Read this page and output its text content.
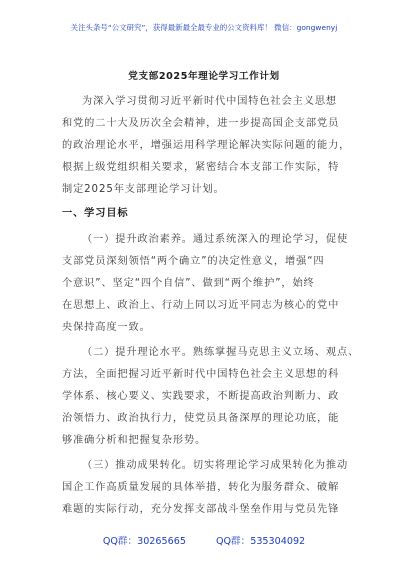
关注头条号“公文研究”，获得最新最全最专业的公文资料库！ 微信：gongwenyj
党支部2025年理论学习工作计划
为深入学习贯彻习近平新时代中国特色社会主义思想
和党的二十大及历次全会精神，进一步提高国企支部党员
的政治理论水平，增强运用科学理论解决实际问题的能力，
根据上级党组织相关要求，紧密结合本支部工作实际，特
制定2025年支部理论学习计划。
一、学习目标
（一）提升政治素养。通过系统深入的理论学习，促使
支部党员深刻领悟“两个确立”的决定性意义，增强“四
个意识”、坚定“四个自信”、做到“两个维护”，始终
在思想上、政治上、行动上同以习近平同志为核心的党中
央保持高度一致。
（二）提升理论水平。熟练掌握马克思主义立场、观点、
方法，全面把握习近平新时代中国特色社会主义思想的科
学体系、核心要义、实践要求，不断提高政治判断力、政
治领悟力、政治执行力，使党员具备深厚的理论功底，能
够准确分析和把握复杂形势。
（三）推动成果转化。切实将理论学习成果转化为推动
国企工作高质量发展的具体举措，转化为服务群众、破解
难题的实际行动，充分发挥支部战斗堡垒作用与党员先锋
QQ群：30265665	QQ群：535304092
